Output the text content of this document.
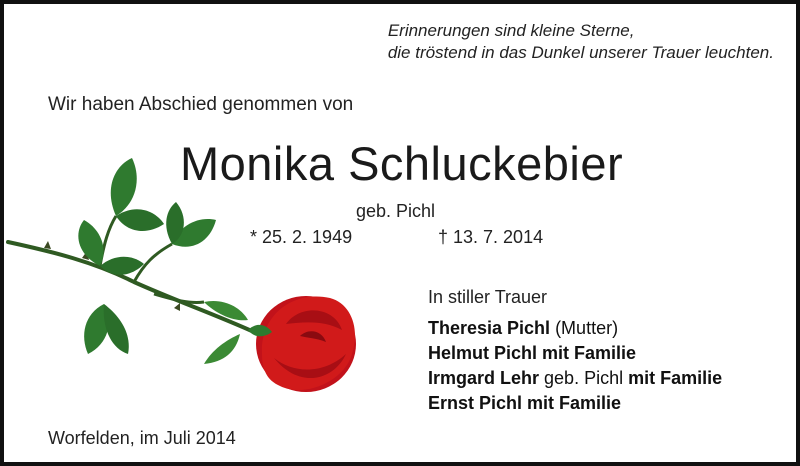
Erinnerungen sind kleine Sterne,
die tröstend in das Dunkel unserer Trauer leuchten.
Wir haben Abschied genommen von
Monika Schluckebier
geb. Pichl
* 25. 2. 1949	† 13. 7. 2014
In stiller Trauer
Theresia Pichl (Mutter)
Helmut Pichl mit Familie
Irmgard Lehr geb. Pichl mit Familie
Ernst Pichl mit Familie
Worfelden, im Juli 2014
